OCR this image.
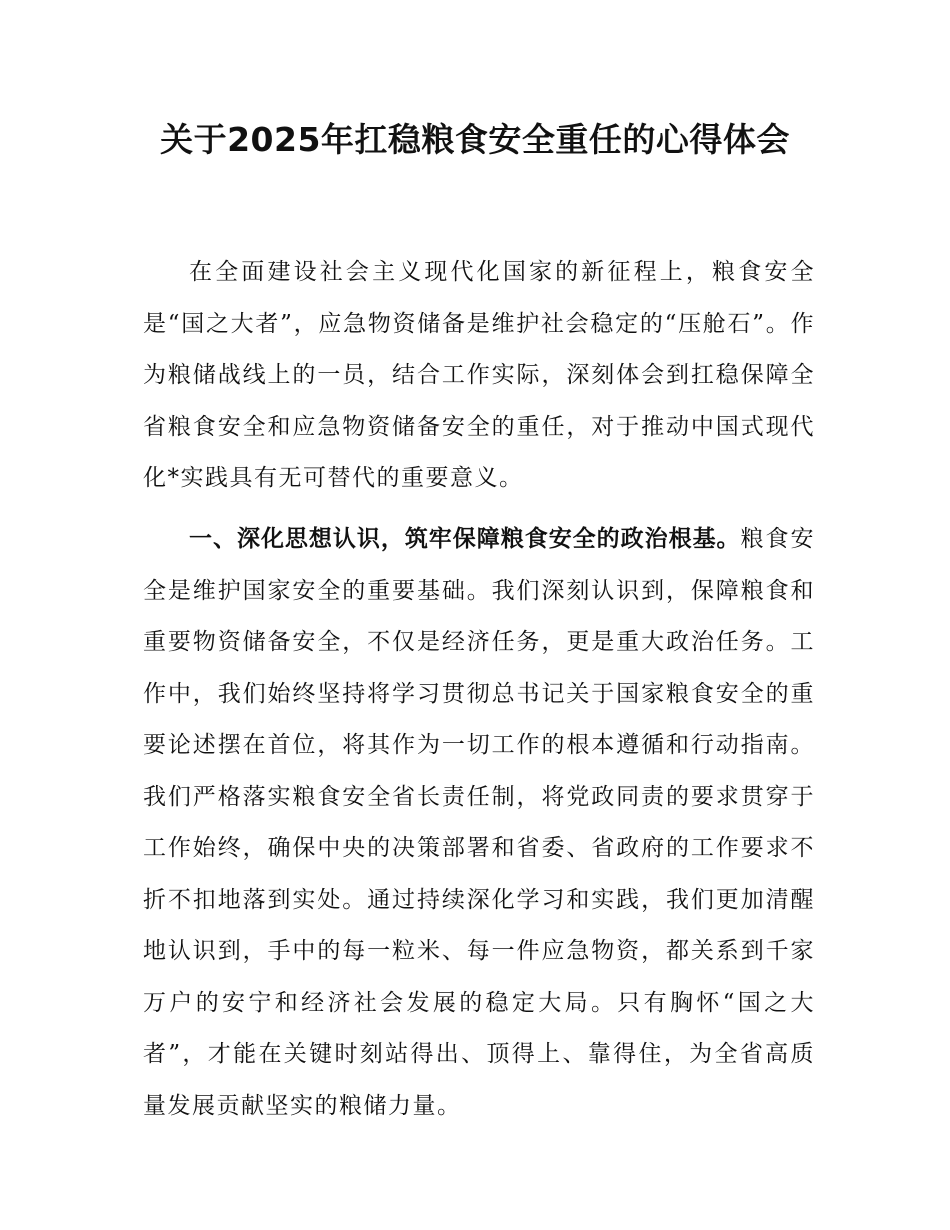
关于2025年扛稳粮食安全重任的心得体会

在全面建设社会主义现代化国家的新征程上，粮食安全是“国之大者”，应急物资储备是维护社会稳定的“压舱石”。作为粮储战线上的一员，结合工作实际，深刻体会到扛稳保障全省粮食安全和应急物资储备安全的重任，对于推动中国式现代化*实践具有无可替代的重要意义。

一、深化思想认识，筑牢保障粮食安全的政治根基。粮食安全是维护国家安全的重要基础。我们深刻认识到，保障粮食和重要物资储备安全，不仅是经济任务，更是重大政治任务。工作中，我们始终坚持将学习贯彻总书记关于国家粮食安全的重要论述摆在首位，将其作为一切工作的根本遵循和行动指南。我们严格落实粮食安全省长责任制，将党政同责的要求贯穿于工作始终，确保中央的决策部署和省委、省政府的工作要求不折不扣地落到实处。通过持续深化学习和实践，我们更加清醒地认识到，手中的每一粒米、每一件应急物资，都关系到千家万户的安宁和经济社会发展的稳定大局。只有胸怀“国之大者”，才能在关键时刻站得出、顶得上、靠得住，为全省高质量发展贡献坚实的粮储力量。
